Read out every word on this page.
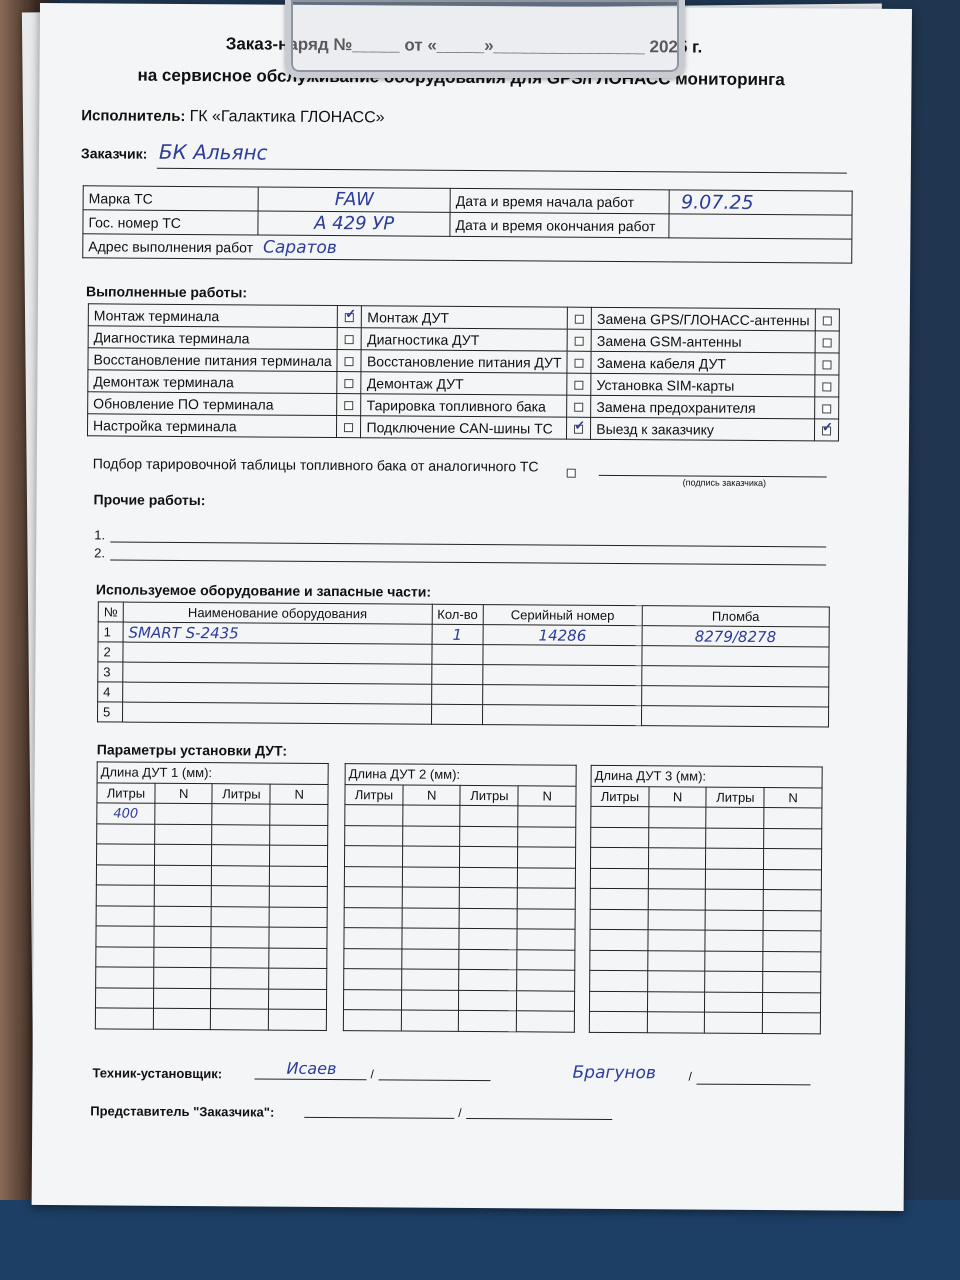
Заказ-наряд №_____ от «_____»________________ 2025 г.
на сервисное обслуживание оборудования для GPS/ГЛОНАСС мониторинга
Исполнитель: ГК «Галактика ГЛОНАСС»
Заказчик: БК Альянс
Марка ТС	FAW	Дата и время начала работ	9.07.25
Гос. номер ТС	А 429 УР	Дата и время окончания работ	
Адрес выполнения работ	Саратов		
Выполненные работы:
Монтаж терминала	✓	Монтаж ДУТ		Замена GPS/ГЛОНАСС-антенны	
Диагностика терминала		Диагностика ДУТ		Замена GSM-антенны	
Восстановление питания терминала		Восстановление питания ДУТ		Замена кабеля ДУТ	
Демонтаж терминала		Демонтаж ДУТ		Установка SIM-карты	
Обновление ПО терминала		Тарировка топливного бака		Замена предохранителя	
Настройка терминала		Подключение CAN-шины ТС	✓	Выезд к заказчику	✓
Подбор тарировочной таблицы топливного бака от аналогичного ТС
(подпись заказчика)
Прочие работы:
1.
2.
Используемое оборудование и запасные части:
№	Наименование оборудования	Кол-во	Серийный номер	Пломба
1	SMART S-2435	1	14286	8279/8278
2				
3				
4				
5				
Параметры установки ДУТ:
Длина ДУТ 1 (мм):			
Литры	N	Литры	N
400			

Длина ДУТ 2 (мм):			
Литры	N	Литры	N

Длина ДУТ 3 (мм):			
Литры	N	Литры	N

Техник-установщик:	Исаев	/	Брагунов	/
Представитель "Заказчика":	/
